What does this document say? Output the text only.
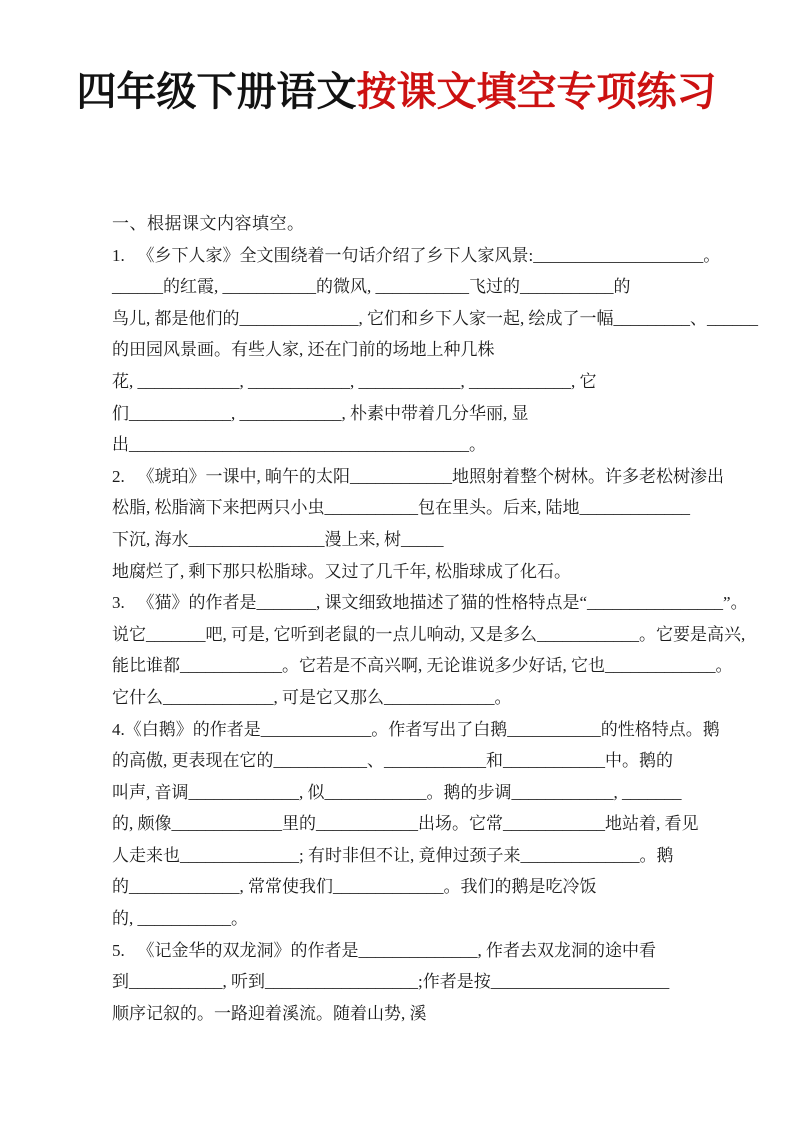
四年级下册语文按课文填空专项练习
一、根据课文内容填空。
1.   《乡下人家》全文围绕着一句话介绍了乡下人家风景:____________________。
______的红霞, ___________的微风, ___________飞过的___________的
鸟儿, 都是他们的______________, 它们和乡下人家一起, 绘成了一幅_________、______
的田园风景画。有些人家, 还在门前的场地上种几株
花, ____________, ____________, ____________, ____________, 它
们____________, ____________, 朴素中带着几分华丽, 显
出________________________________________。
2.   《琥珀》一课中, 晌午的太阳____________地照射着整个树林。许多老松树渗出
松脂, 松脂滴下来把两只小虫___________包在里头。后来, 陆地_____________
下沉, 海水________________漫上来, 树_____
地腐烂了, 剩下那只松脂球。又过了几千年, 松脂球成了化石。
3.   《猫》的作者是_______, 课文细致地描述了猫的性格特点是“________________”。
说它_______吧, 可是, 它听到老鼠的一点儿响动, 又是多么____________。它要是高兴,
能比谁都____________。它若是不高兴啊, 无论谁说多少好话, 它也_____________。
它什么_____________, 可是它又那么_____________。
4.《白鹅》的作者是_____________。作者写出了白鹅___________的性格特点。鹅
的高傲, 更表现在它的___________、____________和____________中。鹅的
叫声, 音调_____________, 似____________。鹅的步调____________, _______
的, 颇像_____________里的____________出场。它常____________地站着, 看见
人走来也______________; 有时非但不让, 竟伸过颈子来______________。鹅
的_____________, 常常使我们_____________。我们的鹅是吃冷饭
的, ___________。
5.   《记金华的双龙洞》的作者是______________, 作者去双龙洞的途中看
到___________, 听到__________________;作者是按_____________________
顺序记叙的。一路迎着溪流。随着山势, 溪
